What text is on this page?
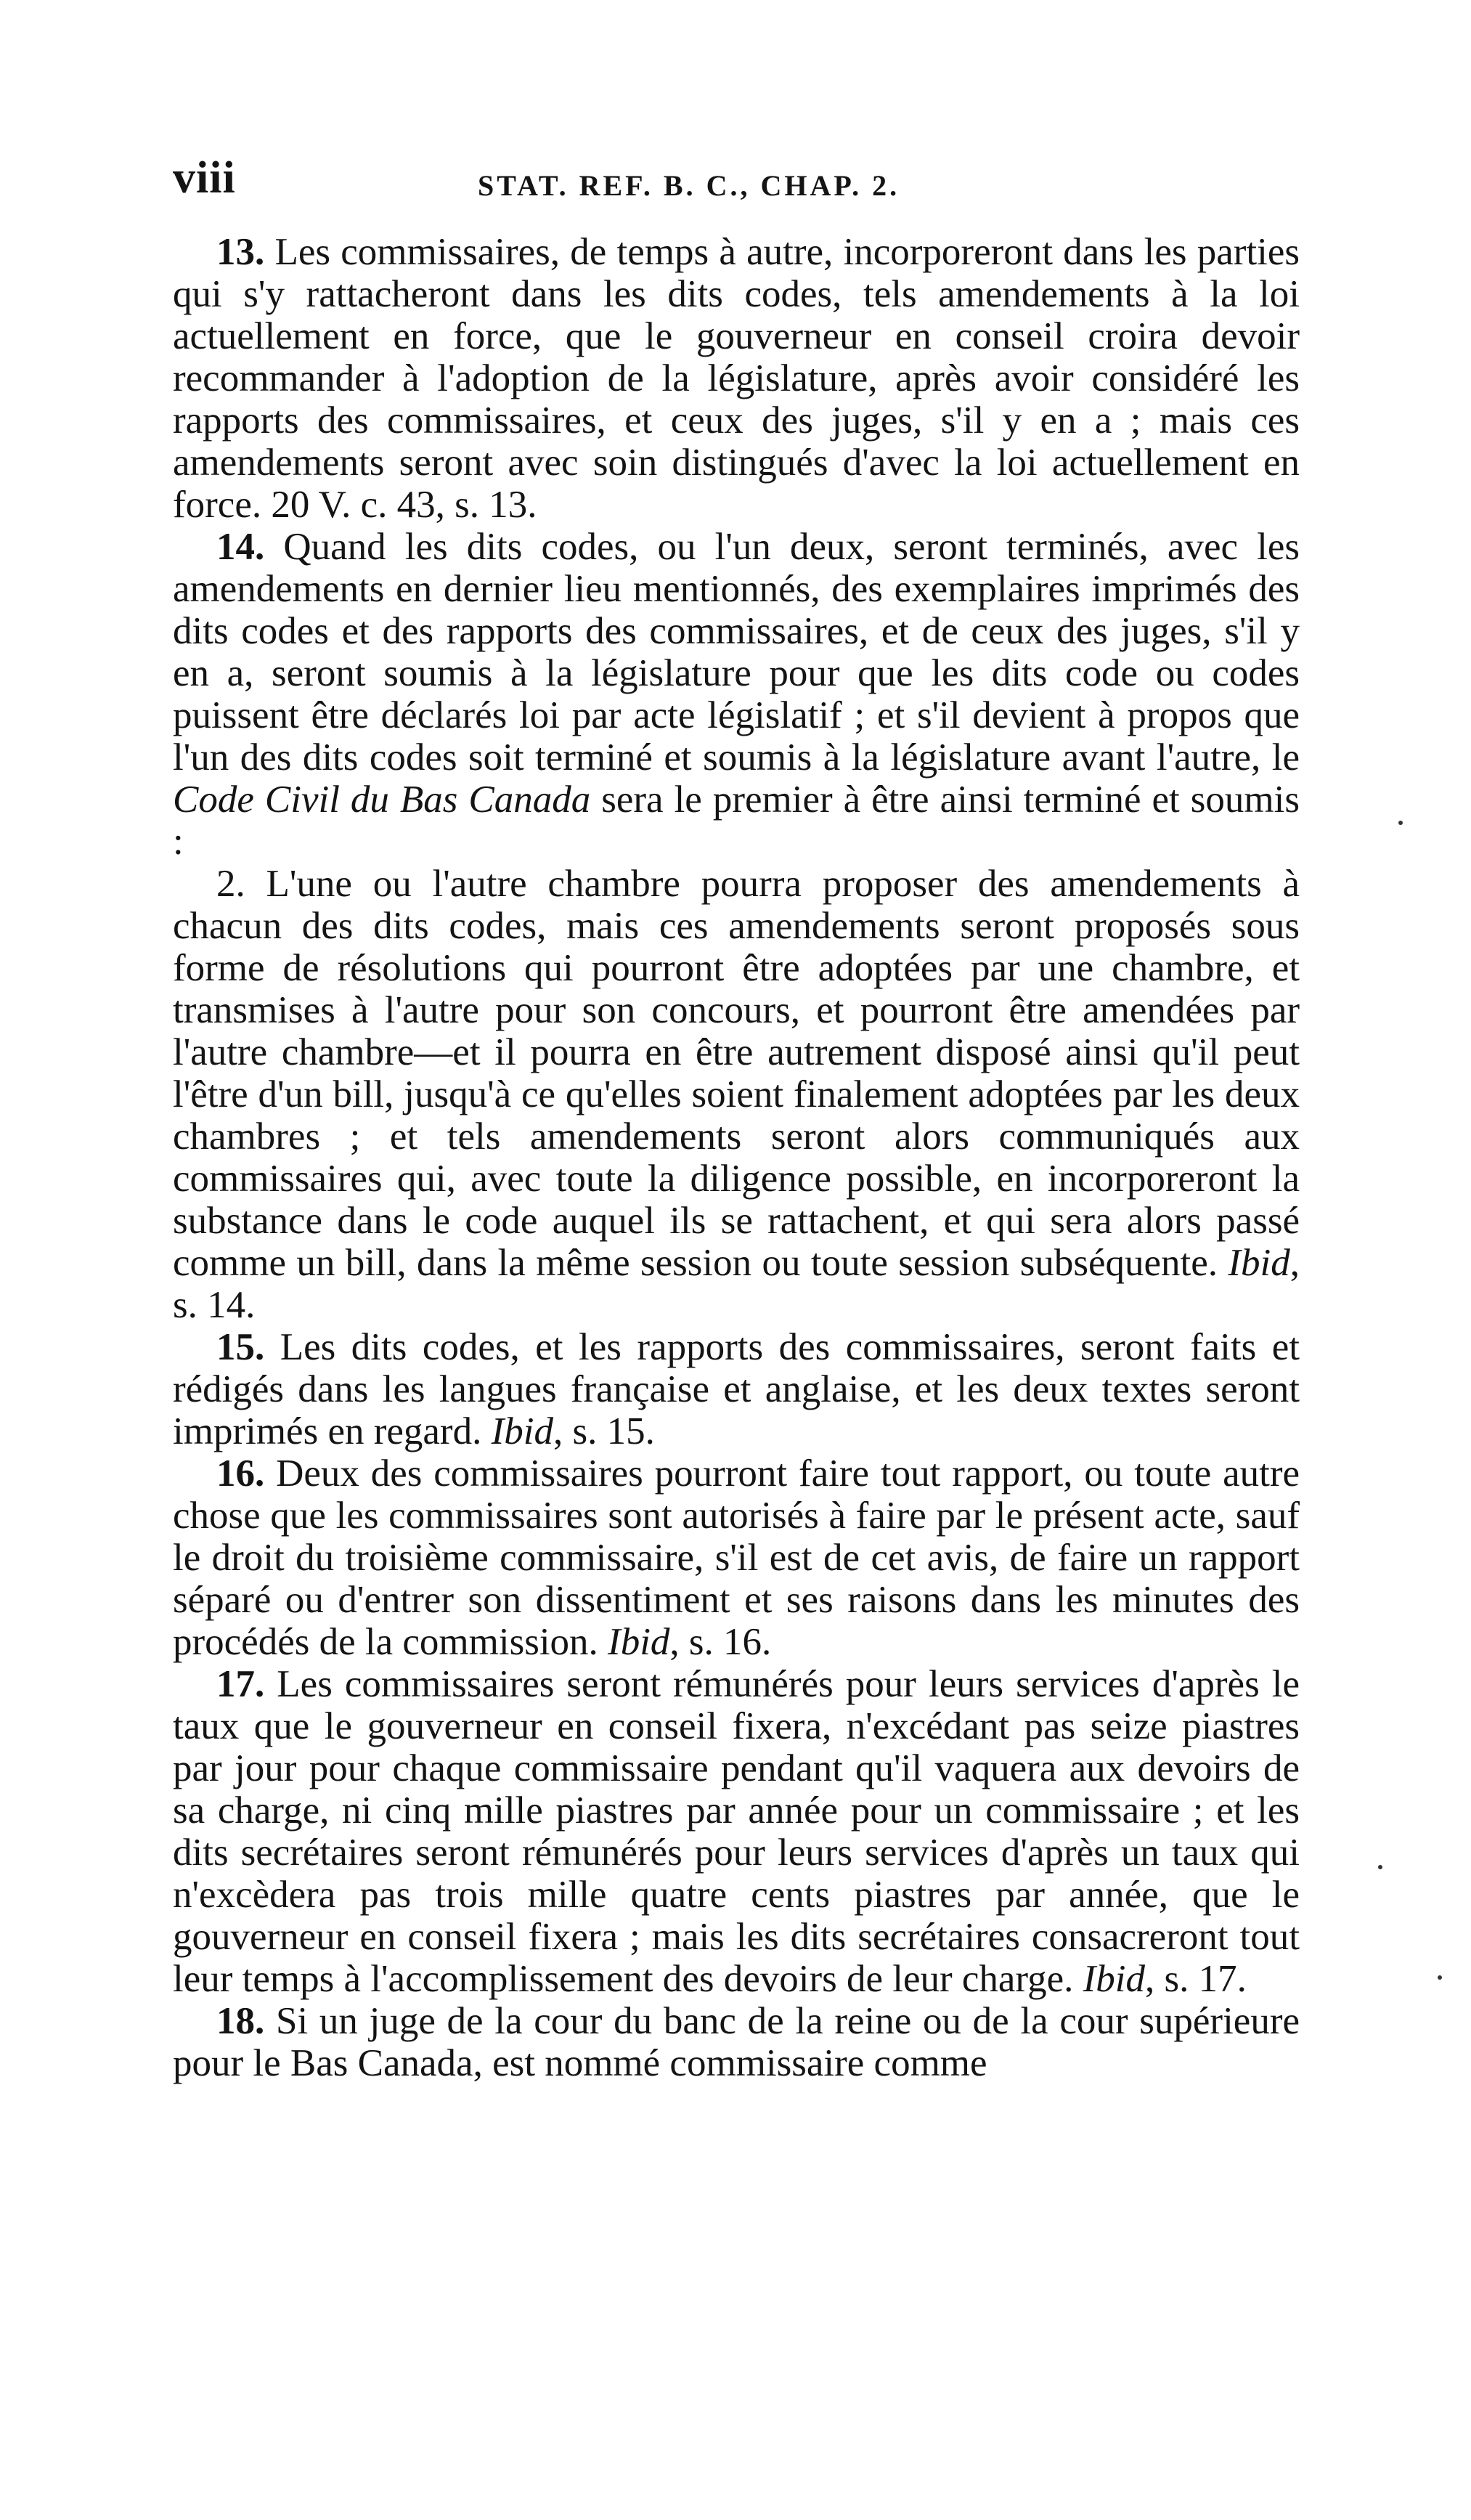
viii	STAT. REF. B. C., CHAP. 2.

13. Les commissaires, de temps à autre, incorporeront dans les parties qui s'y rattacheront dans les dits codes, tels amendements à la loi actuellement en force, que le gouverneur en conseil croira devoir recommander à l'adoption de la législature, après avoir considéré les rapports des commissaires, et ceux des juges, s'il y en a ; mais ces amendements seront avec soin distingués d'avec la loi actuellement en force. 20 V. c. 43, s. 13.

14. Quand les dits codes, ou l'un deux, seront terminés, avec les amendements en dernier lieu mentionnés, des exemplaires imprimés des dits codes et des rapports des commissaires, et de ceux des juges, s'il y en a, seront soumis à la législature pour que les dits code ou codes puissent être déclarés loi par acte législatif ; et s'il devient à propos que l'un des dits codes soit terminé et soumis à la législature avant l'autre, le Code Civil du Bas Canada sera le premier à être ainsi terminé et soumis :

2. L'une ou l'autre chambre pourra proposer des amendements à chacun des dits codes, mais ces amendements seront proposés sous forme de résolutions qui pourront être adoptées par une chambre, et transmises à l'autre pour son concours, et pourront être amendées par l'autre chambre—et il pourra en être autrement disposé ainsi qu'il peut l'être d'un bill, jusqu'à ce qu'elles soient finalement adoptées par les deux chambres ; et tels amendements seront alors communiqués aux commissaires qui, avec toute la diligence possible, en incorporeront la substance dans le code auquel ils se rattachent, et qui sera alors passé comme un bill, dans la même session ou toute session subséquente. Ibid, s. 14.

15. Les dits codes, et les rapports des commissaires, seront faits et rédigés dans les langues française et anglaise, et les deux textes seront imprimés en regard. Ibid, s. 15.

16. Deux des commissaires pourront faire tout rapport, ou toute autre chose que les commissaires sont autorisés à faire par le présent acte, sauf le droit du troisième commissaire, s'il est de cet avis, de faire un rapport séparé ou d'entrer son dissentiment et ses raisons dans les minutes des procédés de la commission. Ibid, s. 16.

17. Les commissaires seront rémunérés pour leurs services d'après le taux que le gouverneur en conseil fixera, n'excédant pas seize piastres par jour pour chaque commissaire pendant qu'il vaquera aux devoirs de sa charge, ni cinq mille piastres par année pour un commissaire ; et les dits secrétaires seront rémunérés pour leurs services d'après un taux qui n'excèdera pas trois mille quatre cents piastres par année, que le gouverneur en conseil fixera ; mais les dits secrétaires consacreront tout leur temps à l'accomplissement des devoirs de leur charge. Ibid, s. 17.

18. Si un juge de la cour du banc de la reine ou de la cour supérieure pour le Bas Canada, est nommé commissaire comme
